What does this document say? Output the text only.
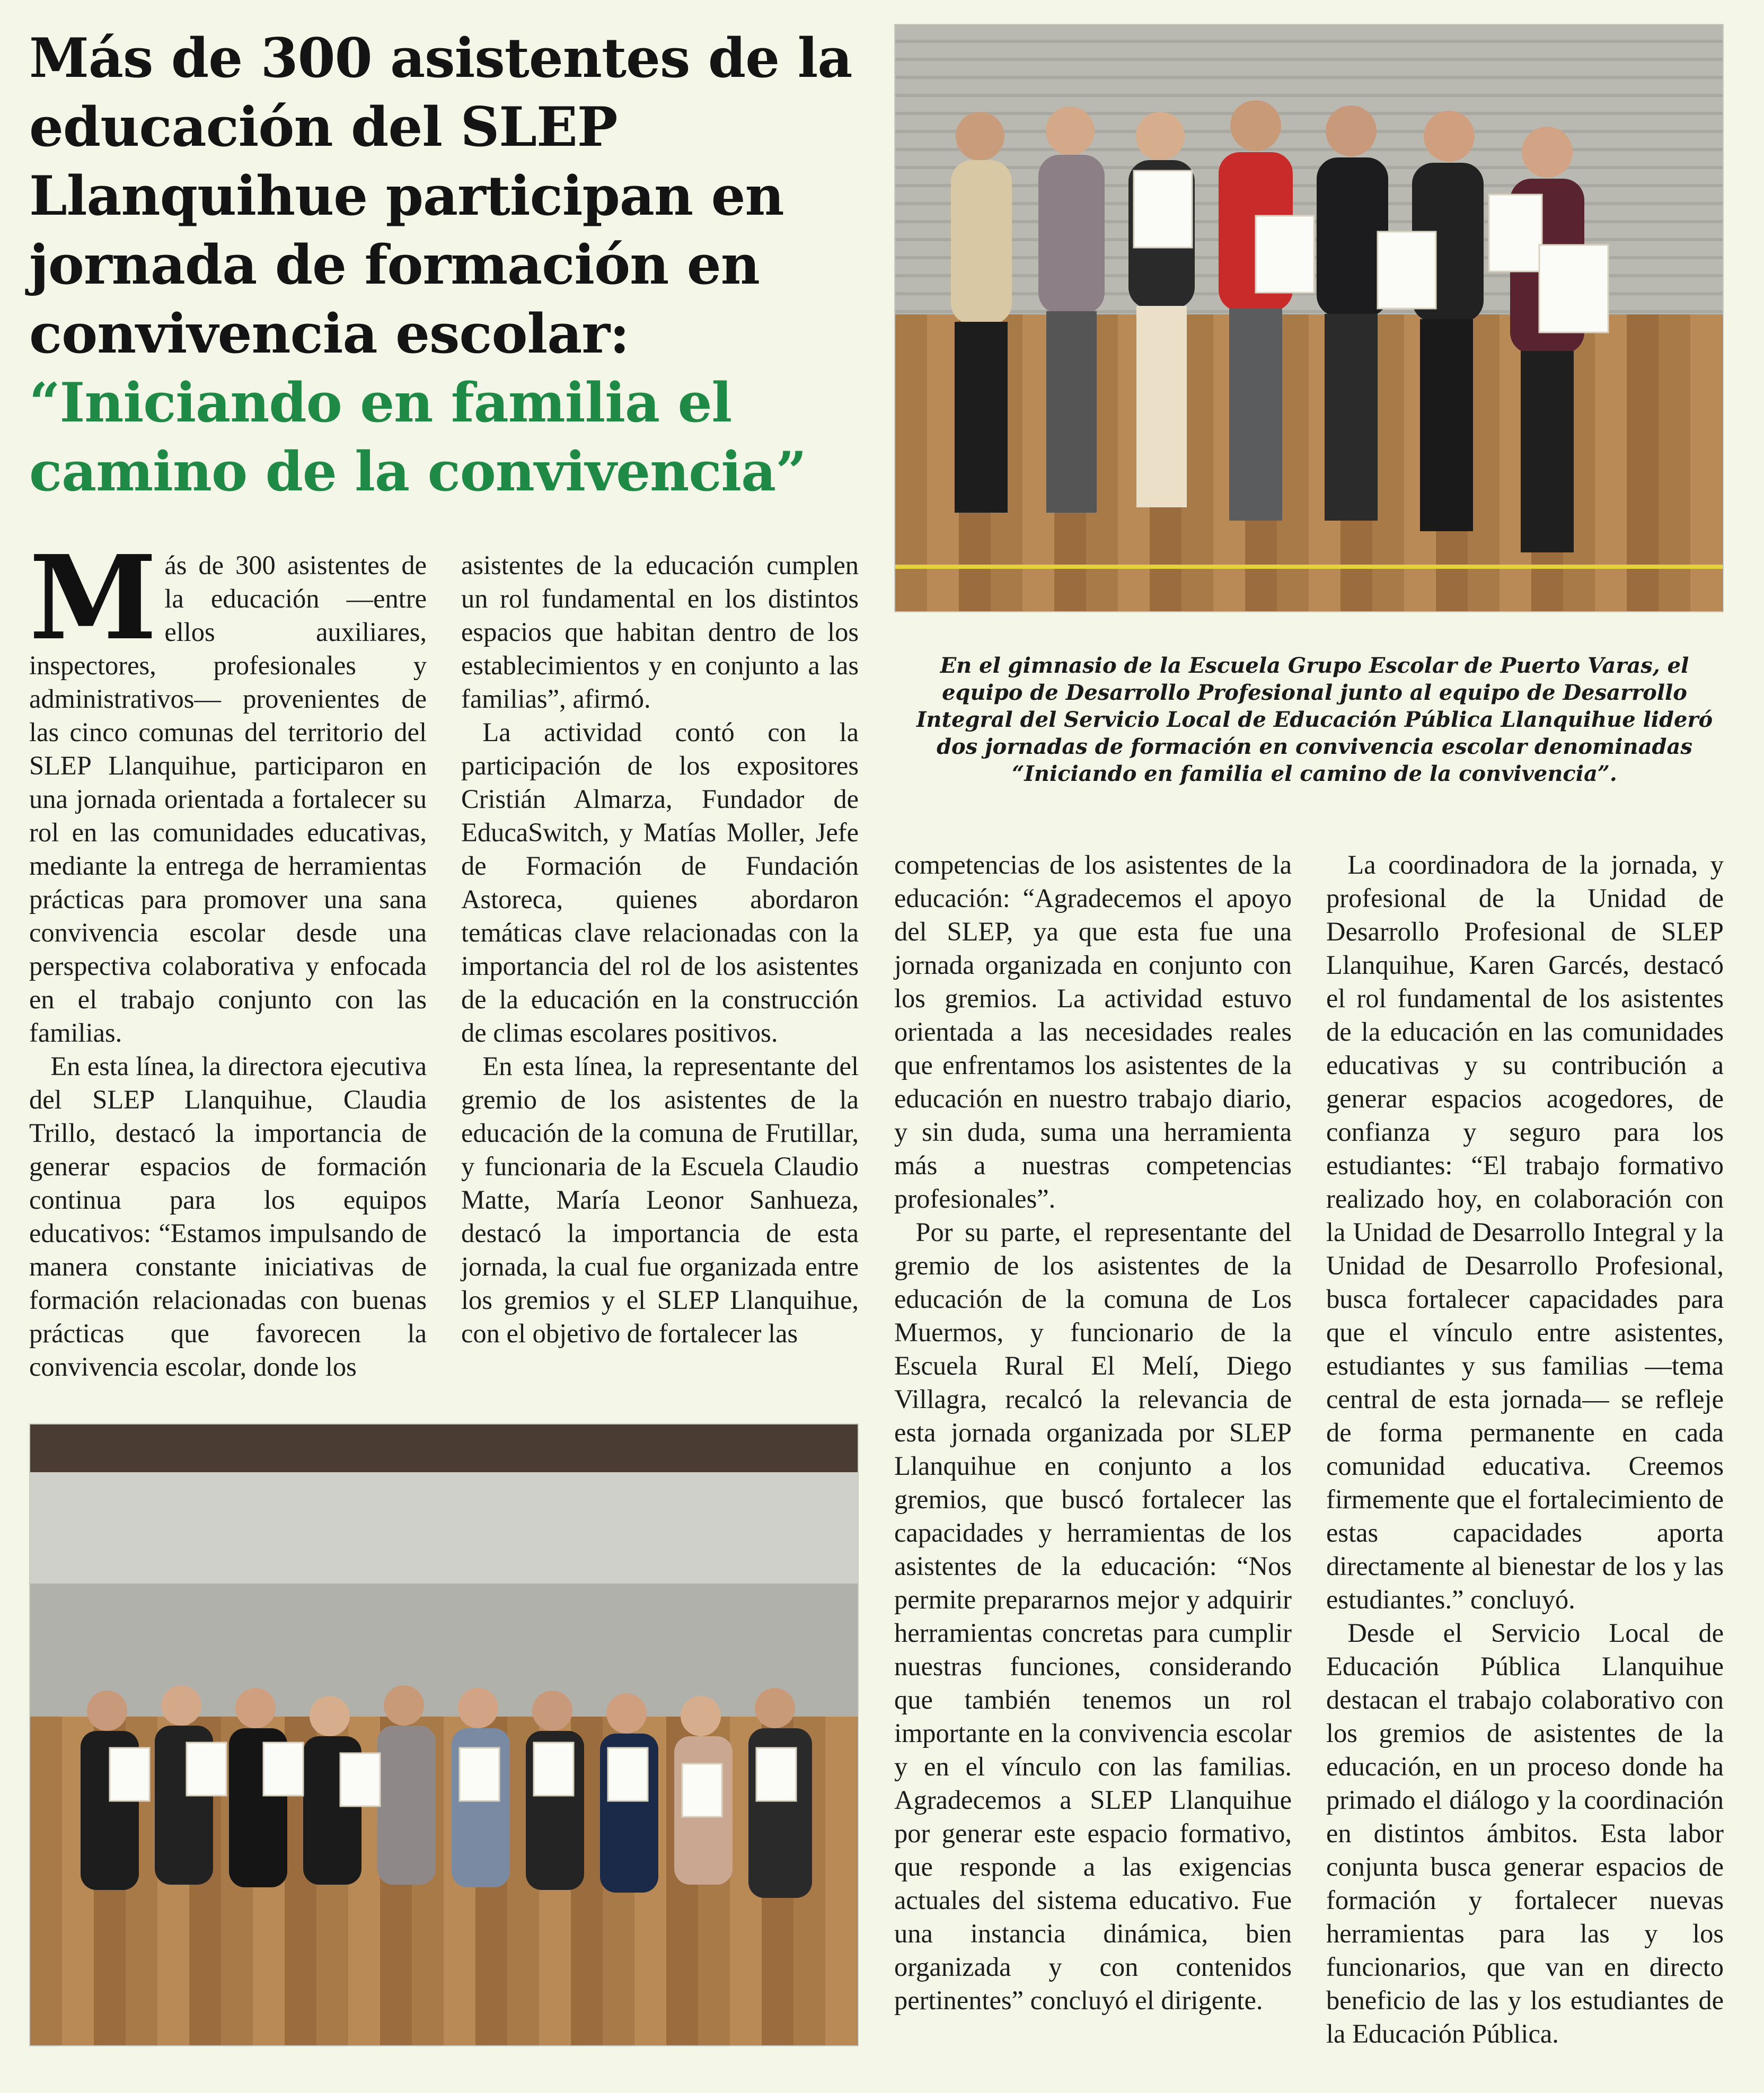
Más de 300 asistentes de la educación del SLEP Llanquihue participan en jornada de formación en convivencia escolar:
“Iniciando en familia el camino de la convivencia”

En el gimnasio de la Escuela Grupo Escolar de Puerto Varas, el equipo de Desarrollo Profesional junto al equipo de Desarrollo Integral del Servicio Local de Educación Pública Llanquihue lideró dos jornadas de formación en convivencia escolar denominadas “Iniciando en familia el camino de la convivencia”.

M ás de 300 asistentes de la educación —entre ellos auxiliares, inspectores, profesionales y administrativos— provenientes de las cinco comunas del territorio del SLEP Llanquihue, participaron en una jornada orientada a fortalecer su rol en las comunidades educativas, mediante la entrega de herramientas prácticas para promover una sana convivencia escolar desde una perspectiva colaborativa y enfocada en el trabajo conjunto con las familias.

En esta línea, la directora ejecutiva del SLEP Llanquihue, Claudia Trillo, destacó la importancia de generar espacios de formación continua para los equipos educativos: “Estamos impulsando de manera constante iniciativas de formación relacionadas con buenas prácticas que favorecen la convivencia escolar, donde los

asistentes de la educación cumplen un rol fundamental en los distintos espacios que habitan dentro de los establecimientos y en conjunto a las familias”, afirmó.

La actividad contó con la participación de los expositores Cristián Almarza, Fundador de EducaSwitch, y Matías Moller, Jefe de Formación de Fundación Astoreca, quienes abordaron temáticas clave relacionadas con la importancia del rol de los asistentes de la educación en la construcción de climas escolares positivos.

En esta línea, la representante del gremio de los asistentes de la educación de la comuna de Frutillar, y funcionaria de la Escuela Claudio Matte, María Leonor Sanhueza, destacó la importancia de esta jornada, la cual fue organizada entre los gremios y el SLEP Llanquihue, con el objetivo de fortalecer las

competencias de los asistentes de la educación: “Agradecemos el apoyo del SLEP, ya que esta fue una jornada organizada en conjunto con los gremios. La actividad estuvo orientada a las necesidades reales que enfrentamos los asistentes de la educación en nuestro trabajo diario, y sin duda, suma una herramienta más a nuestras competencias profesionales”.

Por su parte, el representante del gremio de los asistentes de la educación de la comuna de Los Muermos, y funcionario de la Escuela Rural El Melí, Diego Villagra, recalcó la relevancia de esta jornada organizada por SLEP Llanquihue en conjunto a los gremios, que buscó fortalecer las capacidades y herramientas de los asistentes de la educación: “Nos permite prepararnos mejor y adquirir herramientas concretas para cumplir nuestras funciones, considerando que también tenemos un rol importante en la convivencia escolar y en el vínculo con las familias. Agradecemos a SLEP Llanquihue por generar este espacio formativo, que responde a las exigencias actuales del sistema educativo. Fue una instancia dinámica, bien organizada y con contenidos pertinentes” concluyó el dirigente.

La coordinadora de la jornada, y profesional de la Unidad de Desarrollo Profesional de SLEP Llanquihue, Karen Garcés, destacó el rol fundamental de los asistentes de la educación en las comunidades educativas y su contribución a generar espacios acogedores, de confianza y seguro para los estudiantes: “El trabajo formativo realizado hoy, en colaboración con la Unidad de Desarrollo Integral y la Unidad de Desarrollo Profesional, busca fortalecer capacidades para que el vínculo entre asistentes, estudiantes y sus familias —tema central de esta jornada— se refleje de forma permanente en cada comunidad educativa. Creemos firmemente que el fortalecimiento de estas capacidades aporta directamente al bienestar de los y las estudiantes.” concluyó.

Desde el Servicio Local de Educación Pública Llanquihue destacan el trabajo colaborativo con los gremios de asistentes de la educación, en un proceso donde ha primado el diálogo y la coordinación en distintos ámbitos. Esta labor conjunta busca generar espacios de formación y fortalecer nuevas herramientas para las y los funcionarios, que van en directo beneficio de las y los estudiantes de la Educación Pública.
